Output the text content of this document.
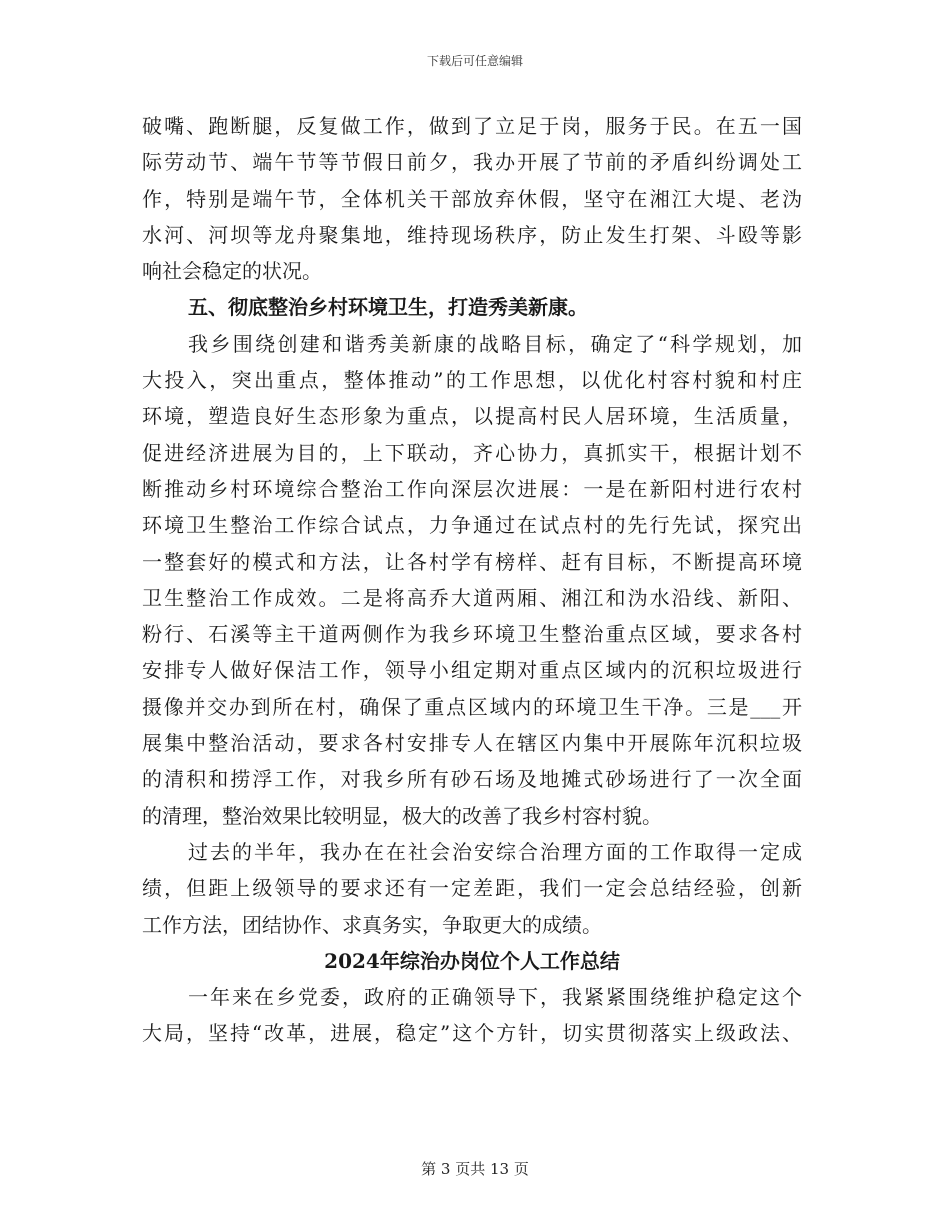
下载后可任意编辑
破嘴、跑断腿，反复做工作，做到了立足于岗，服务于民。在五一国
际劳动节、端午节等节假日前夕，我办开展了节前的矛盾纠纷调处工
作，特别是端午节，全体机关干部放弃休假，坚守在湘江大堤、老沩
水河、河坝等龙舟聚集地，维持现场秩序，防止发生打架、斗殴等影
响社会稳定的状况。
五、彻底整治乡村环境卫生，打造秀美新康。
我乡围绕创建和谐秀美新康的战略目标，确定了“科学规划，加
大投入，突出重点，整体推动”的工作思想，以优化村容村貌和村庄
环境，塑造良好生态形象为重点，以提高村民人居环境，生活质量，
促进经济进展为目的，上下联动，齐心协力，真抓实干，根据计划不
断推动乡村环境综合整治工作向深层次进展：一是在新阳村进行农村
环境卫生整治工作综合试点，力争通过在试点村的先行先试，探究出
一整套好的模式和方法，让各村学有榜样、赶有目标，不断提高环境
卫生整治工作成效。二是将高乔大道两厢、湘江和沩水沿线、新阳、
粉行、石溪等主干道两侧作为我乡环境卫生整治重点区域，要求各村
安排专人做好保洁工作，领导小组定期对重点区域内的沉积垃圾进行
摄像并交办到所在村，确保了重点区域内的环境卫生干净。三是___开
展集中整治活动，要求各村安排专人在辖区内集中开展陈年沉积垃圾
的清积和捞浮工作，对我乡所有砂石场及地摊式砂场进行了一次全面
的清理，整治效果比较明显，极大的改善了我乡村容村貌。
过去的半年，我办在在社会治安综合治理方面的工作取得一定成
绩，但距上级领导的要求还有一定差距，我们一定会总结经验，创新
工作方法，团结协作、求真务实，争取更大的成绩。
2024年综治办岗位个人工作总结
一年来在乡党委，政府的正确领导下，我紧紧围绕维护稳定这个
大局，坚持“改革，进展，稳定”这个方针，切实贯彻落实上级政法、
第 3 页共 13 页
